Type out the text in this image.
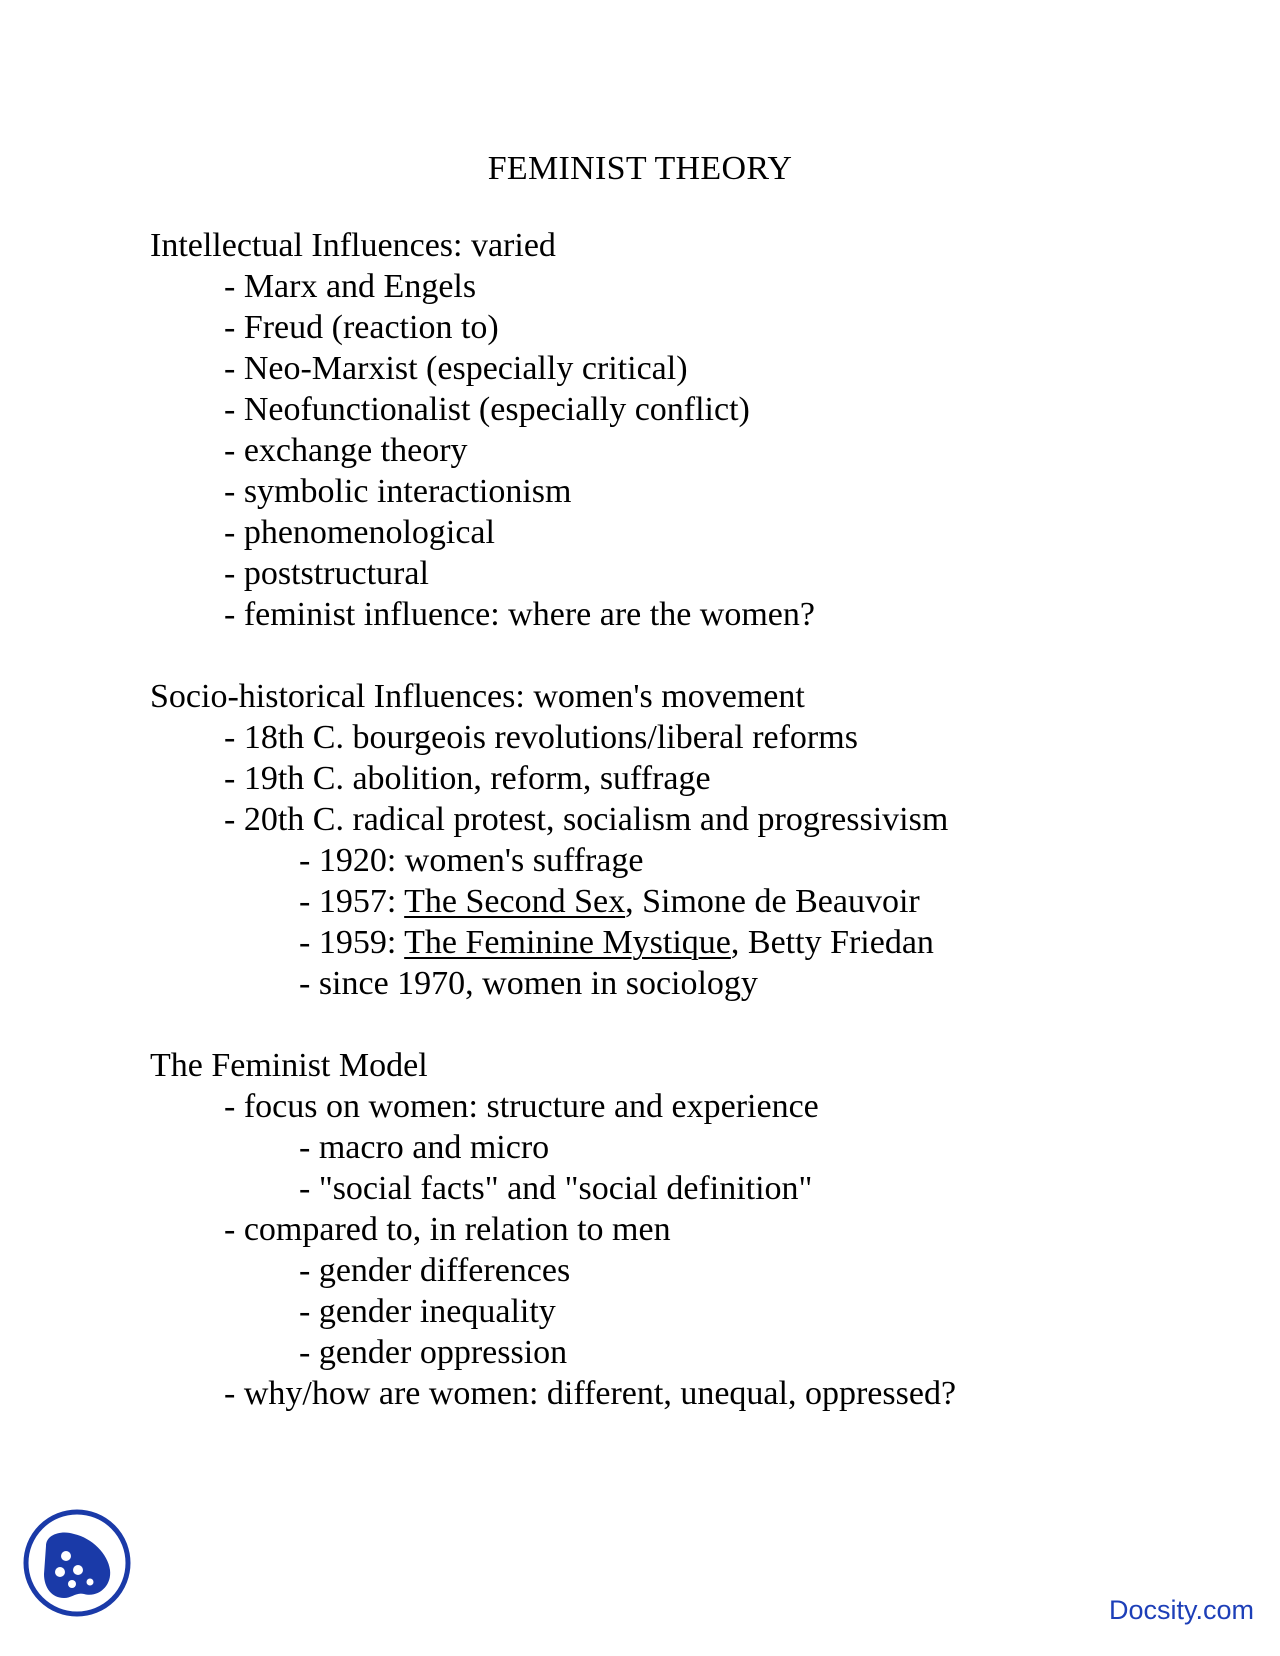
FEMINIST THEORY
Intellectual Influences: varied
- Marx and Engels
- Freud (reaction to)
- Neo-Marxist (especially critical)
- Neofunctionalist (especially conflict)
- exchange theory
- symbolic interactionism
- phenomenological
- poststructural
- feminist influence: where are the women?
Socio-historical Influences: women's movement
- 18th C. bourgeois revolutions/liberal reforms
- 19th C. abolition, reform, suffrage
- 20th C. radical protest, socialism and progressivism
- 1920: women's suffrage
- 1957: The Second Sex, Simone de Beauvoir
- 1959: The Feminine Mystique, Betty Friedan
- since 1970, women in sociology
The Feminist Model
- focus on women: structure and experience
- macro and micro
- "social facts" and "social definition"
- compared to, in relation to men
- gender differences
- gender inequality
- gender oppression
- why/how are women: different, unequal, oppressed?
Docsity.com
